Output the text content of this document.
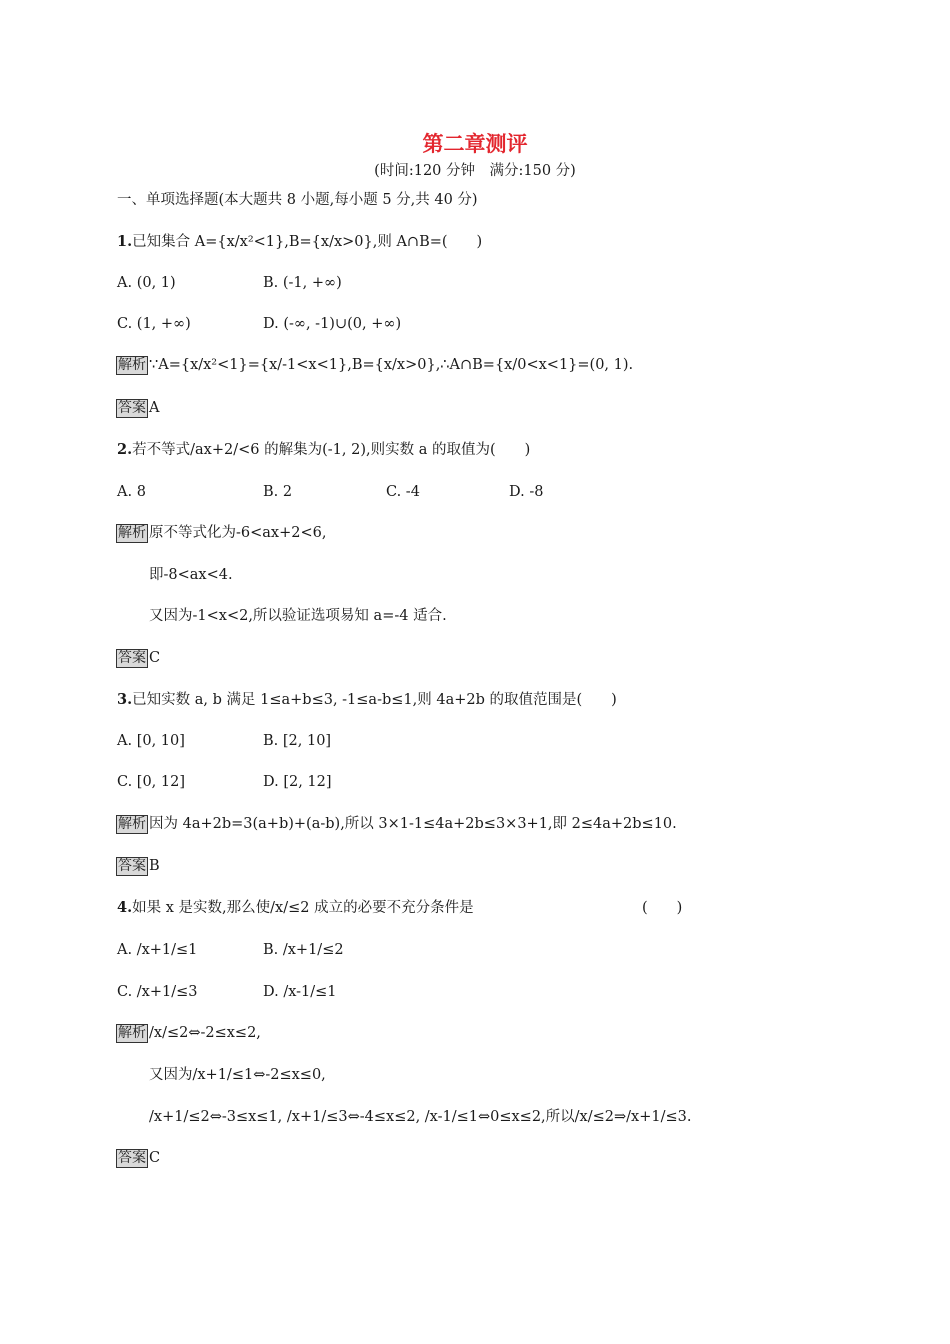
第二章测评
(时间:120 分钟　满分:150 分)
一、单项选择题(本大题共 8 小题,每小题 5 分,共 40 分)
1.已知集合 A={x/x²<1},B={x/x>0},则 A∩B=(　　)
A. (0, 1)	B. (-1, +∞)
C. (1, +∞)	D. (-∞, -1)∪(0, +∞)
解析 ∵A={x/x²<1}={x/-1<x<1},B={x/x>0},∴A∩B={x/0<x<1}=(0, 1).
答案 A
2.若不等式/ax+2/<6 的解集为(-1, 2),则实数 a 的取值为(　　)
A. 8	B. 2	C. -4	D. -8
解析 原不等式化为-6<ax+2<6,
即-8<ax<4.
又因为-1<x<2,所以验证选项易知 a=-4 适合.
答案 C
3.已知实数 a, b 满足 1≤a+b≤3, -1≤a-b≤1,则 4a+2b 的取值范围是(　　)
A. [0, 10]	B. [2, 10]
C. [0, 12]	D. [2, 12]
解析 因为 4a+2b=3(a+b)+(a-b),所以 3×1-1≤4a+2b≤3×3+1,即 2≤4a+2b≤10.
答案 B
4.如果 x 是实数,那么使/x/≤2 成立的必要不充分条件是	(　　)
A. /x+1/≤1	B. /x+1/≤2
C. /x+1/≤3	D. /x-1/≤1
解析 /x/≤2⇔-2≤x≤2,
又因为/x+1/≤1⇔-2≤x≤0,
/x+1/≤2⇔-3≤x≤1, /x+1/≤3⇔-4≤x≤2, /x-1/≤1⇔0≤x≤2,所以/x/≤2⇒/x+1/≤3.
答案 C
